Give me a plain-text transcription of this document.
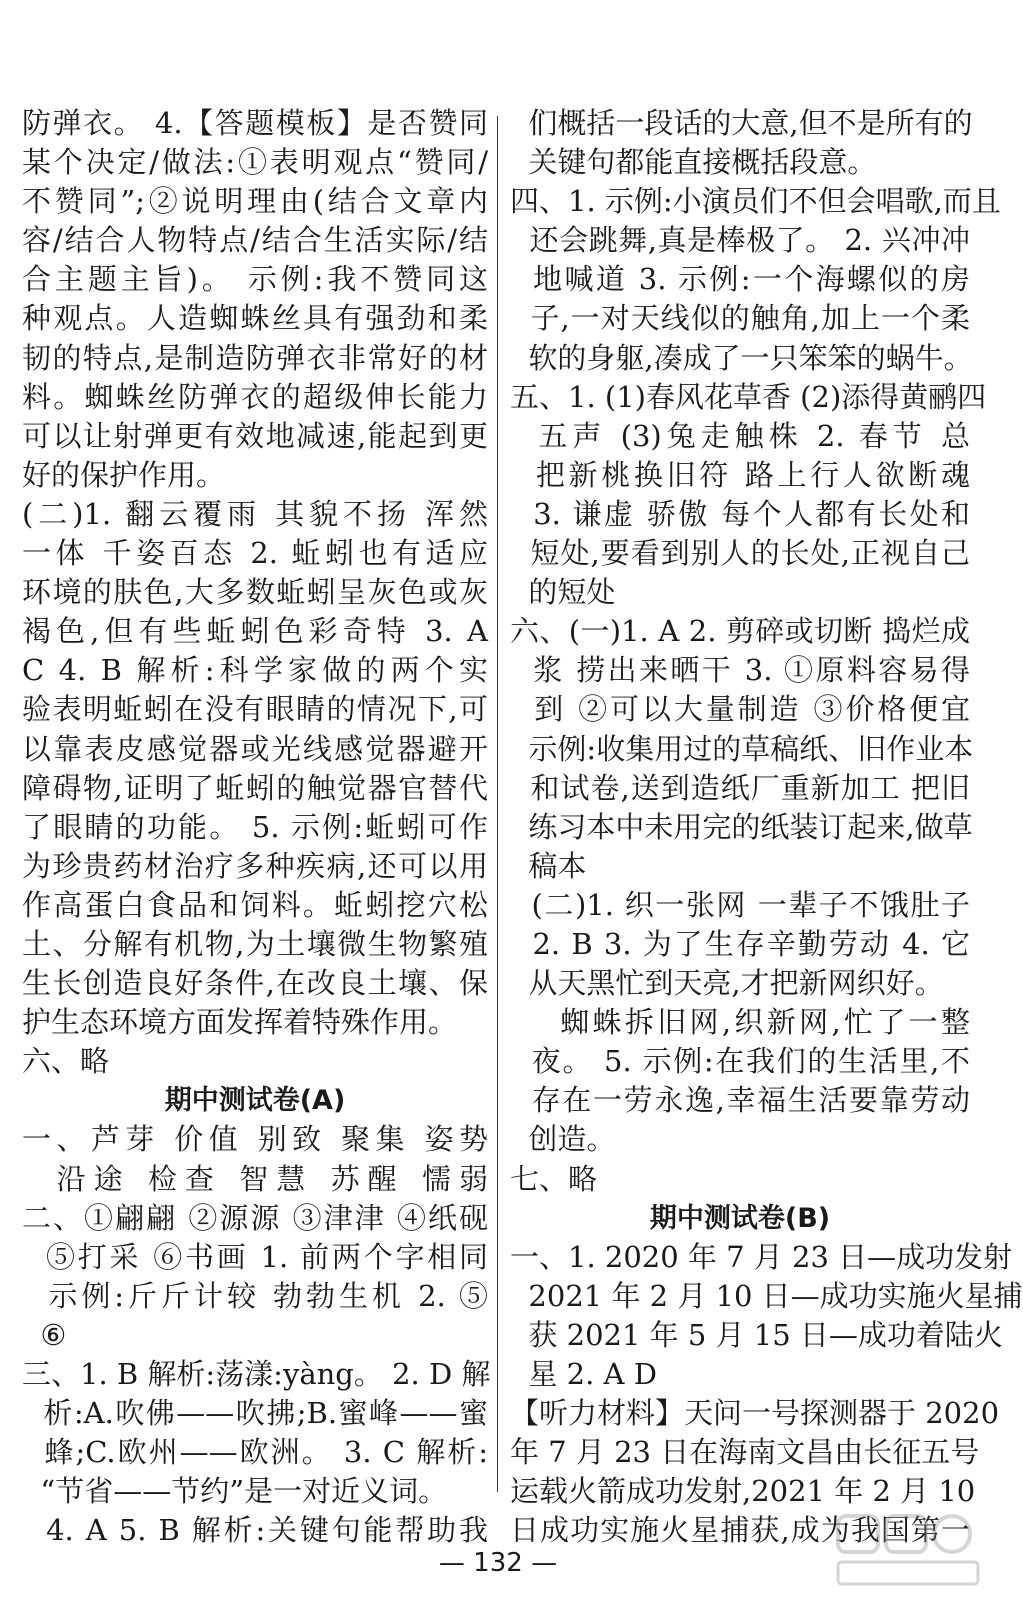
防弹衣。 4.【答题模板】是否赞同
某个决定/做法:①表明观点“赞同/
不赞同”;②说明理由(结合文章内
容/结合人物特点/结合生活实际/结
合主题主旨)。 示例:我不赞同这
种观点。人造蜘蛛丝具有强劲和柔
韧的特点,是制造防弹衣非常好的材
料。蜘蛛丝防弹衣的超级伸长能力
可以让射弹更有效地减速,能起到更
好的保护作用。
(二)1. 翻云覆雨 其貌不扬 浑然
一体 千姿百态 2. 蚯蚓也有适应
环境的肤色,大多数蚯蚓呈灰色或灰
褐色,但有些蚯蚓色彩奇特 3. A
C 4. B 解析:科学家做的两个实
验表明蚯蚓在没有眼睛的情况下,可
以靠表皮感觉器或光线感觉器避开
障碍物,证明了蚯蚓的触觉器官替代
了眼睛的功能。 5. 示例:蚯蚓可作
为珍贵药材治疗多种疾病,还可以用
作高蛋白食品和饲料。蚯蚓挖穴松
土、分解有机物,为土壤微生物繁殖
生长创造良好条件,在改良土壤、保
护生态环境方面发挥着特殊作用。
六、略
期中测试卷(A)
一、芦芽 价值 别致 聚集 姿势
沿途 检查 智慧 苏醒 懦弱
二、①翩翩 ②源源 ③津津 ④纸砚
⑤打采 ⑥书画 1. 前两个字相同
示例:斤斤计较 勃勃生机 2. ⑤
⑥
三、1. B 解析:荡漾:yàng。 2. D 解
析:A.吹佛——吹拂;B.蜜峰——蜜
蜂;C.欧州——欧洲。 3. C 解析:
“节省——节约”是一对近义词。
4. A 5. B 解析:关键句能帮助我
们概括一段话的大意,但不是所有的
关键句都能直接概括段意。
四、1. 示例:小演员们不但会唱歌,而且
还会跳舞,真是棒极了。 2. 兴冲冲
地喊道 3. 示例:一个海螺似的房
子,一对天线似的触角,加上一个柔
软的身躯,凑成了一只笨笨的蜗牛。
五、1. (1)春风花草香 (2)添得黄鹂四
五声 (3)兔走触株 2. 春节 总
把新桃换旧符 路上行人欲断魂
3. 谦虚 骄傲 每个人都有长处和
短处,要看到别人的长处,正视自己
的短处
六、(一)1. A 2. 剪碎或切断 捣烂成
浆 捞出来晒干 3. ①原料容易得
到 ②可以大量制造 ③价格便宜
示例:收集用过的草稿纸、旧作业本
和试卷,送到造纸厂重新加工 把旧
练习本中未用完的纸装订起来,做草
稿本
(二)1. 织一张网 一辈子不饿肚子
2. B 3. 为了生存辛勤劳动 4. 它
从天黑忙到天亮,才把新网织好。
蜘蛛拆旧网,织新网,忙了一整
夜。 5. 示例:在我们的生活里,不
存在一劳永逸,幸福生活要靠劳动
创造。
七、略
期中测试卷(B)
一、1. 2020 年 7 月 23 日—成功发射
2021 年 2 月 10 日—成功实施火星捕
获 2021 年 5 月 15 日—成功着陆火
星 2. A D
【听力材料】天问一号探测器于 2020
年 7 月 23 日在海南文昌由长征五号
运载火箭成功发射,2021 年 2 月 10
日成功实施火星捕获,成为我国第一
— 132 —
